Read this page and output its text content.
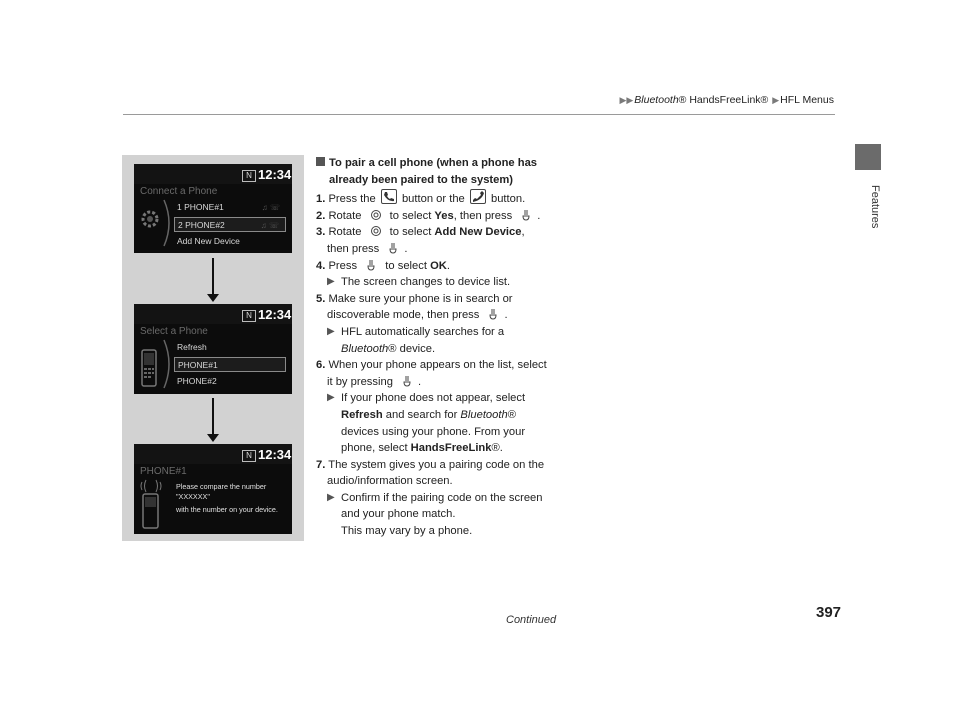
▶▶Bluetooth® HandsFreeLink® ▶HFL Menus
Features
N 12:34
Connect a Phone
1 PHONE#1	♫ ☏
2 PHONE#2	♫ ☏
Add New Device
N 12:34
Select a Phone
Refresh
PHONE#1
PHONE#2
N 12:34
PHONE#1
Please compare the number
"XXXXXX"
with the number on your device.
To pair a cell phone (when a phone has
already been paired to the system)
1. Press the button or the button.
2. Rotate	to select Yes, then press .
3. Rotate	to select Add New Device,
then press .
4. Press	to select OK.
▶ The screen changes to device list.
5. Make sure your phone is in search or
discoverable mode, then press .
▶ HFL automatically searches for a
Bluetooth® device.
6. When your phone appears on the list, select
it by pressing .
▶ If your phone does not appear, select
Refresh and search for Bluetooth®
devices using your phone. From your
phone, select HandsFreeLink®.
7. The system gives you a pairing code on the
audio/information screen.
▶ Confirm if the pairing code on the screen
and your phone match.
This may vary by a phone.
Continued	397
